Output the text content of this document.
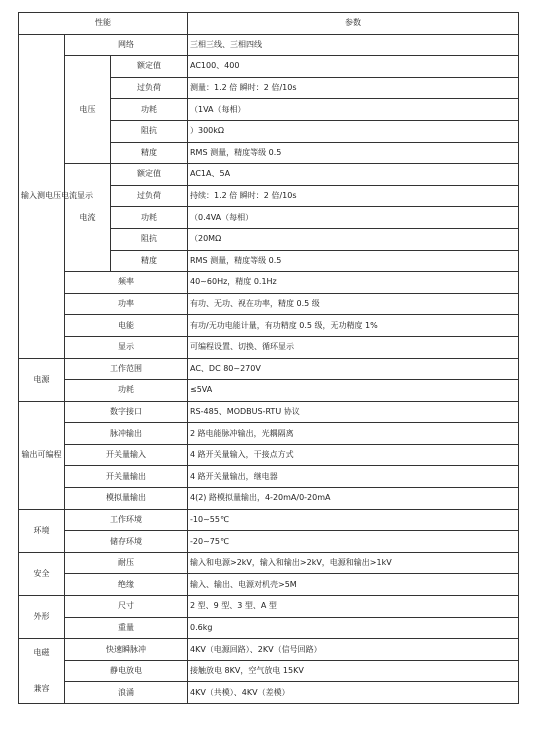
性能			参数
输入测电压电流显示	网络		三相三线、三相四线
	电压	额定值	AC100、400
		过负荷	测量：1.2 倍 瞬时：2 倍/10s
		功耗	（1VA（每相）
		阻抗	）300kΩ
		精度	RMS 测量，精度等级 0.5
	电流	额定值	AC1A、5A
		过负荷	持续：1.2 倍 瞬时：2 倍/10s
		功耗	（0.4VA（每相）
		阻抗	（20MΩ
		精度	RMS 测量，精度等级 0.5
	频率		40~60Hz，精度 0.1Hz
	功率		有功、无功、视在功率，精度 0.5 级
	电能		有功/无功电能计量，有功精度 0.5 级，无功精度 1%
	显示		可编程设置、切换、循环显示
电源	工作范围		AC、DC 80~270V
	功耗		≤5VA
输出可编程	数字接口		RS-485、MODBUS-RTU 协议
	脉冲输出		2 路电能脉冲输出，光耦隔离
	开关量输入		4 路开关量输入，干接点方式
	开关量输出		4 路开关量输出，继电器
	模拟量输出		4(2) 路模拟量输出，4-20mA/0-20mA
环境	工作环境		-10~55℃
	储存环境		-20~75℃
安全	耐压		输入和电源>2kV，输入和输出>2kV，电源和输出>1kV
	绝缘		输入、输出、电源对机壳>5M
外形	尺寸		2 型、9 型、3 型、A 型
	重量		0.6kg

电磁
兼容	快速瞬脉冲		4KV（电源回路）、2KV（信号回路）
	静电放电		接触放电 8KV，空气放电 15KV
	浪涌		4KV（共模）、4KV（差模）
